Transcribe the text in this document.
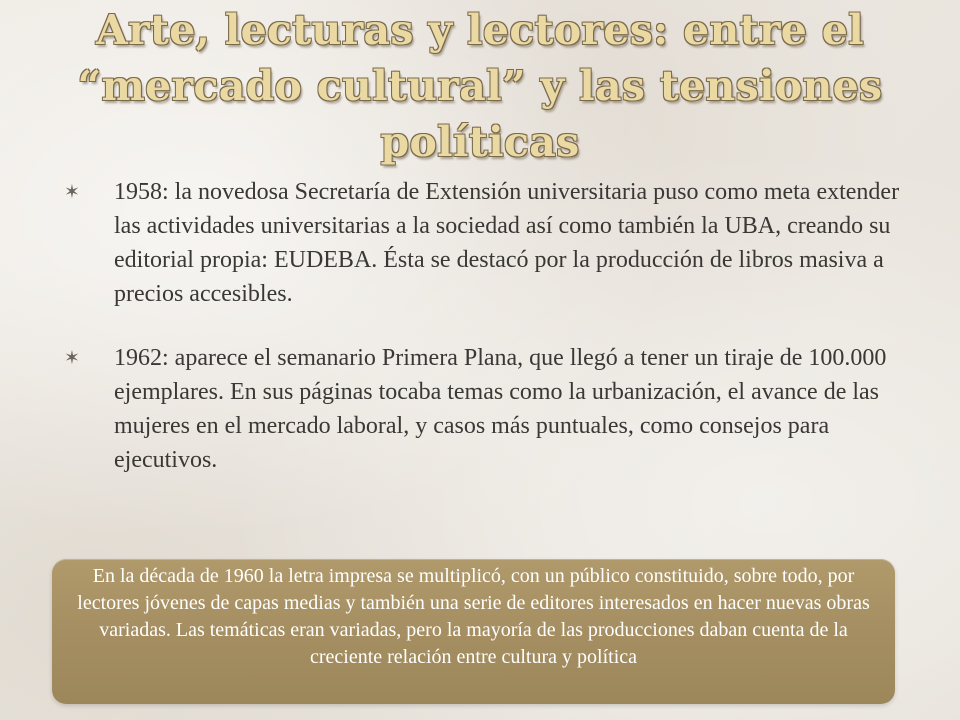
Arte, lecturas y lectores: entre el
“mercado cultural” y las tensiones
políticas
✶ 1958: la novedosa Secretaría de Extensión universitaria puso como meta extender las actividades universitarias a la sociedad así como también la UBA, creando su editorial propia: EUDEBA. Ésta se destacó por la producción de libros masiva a precios accesibles.
✶ 1962: aparece el semanario Primera Plana, que llegó a tener un tiraje de 100.000 ejemplares. En sus páginas tocaba temas como la urbanización, el avance de las mujeres en el mercado laboral, y casos más puntuales, como consejos para ejecutivos.

En la década de 1960 la letra impresa se multiplicó, con un público constituido, sobre todo, por lectores jóvenes de capas medias y también una serie de editores interesados en hacer nuevas obras variadas. Las temáticas eran variadas, pero la mayoría de las producciones daban cuenta de la creciente relación entre cultura y política
